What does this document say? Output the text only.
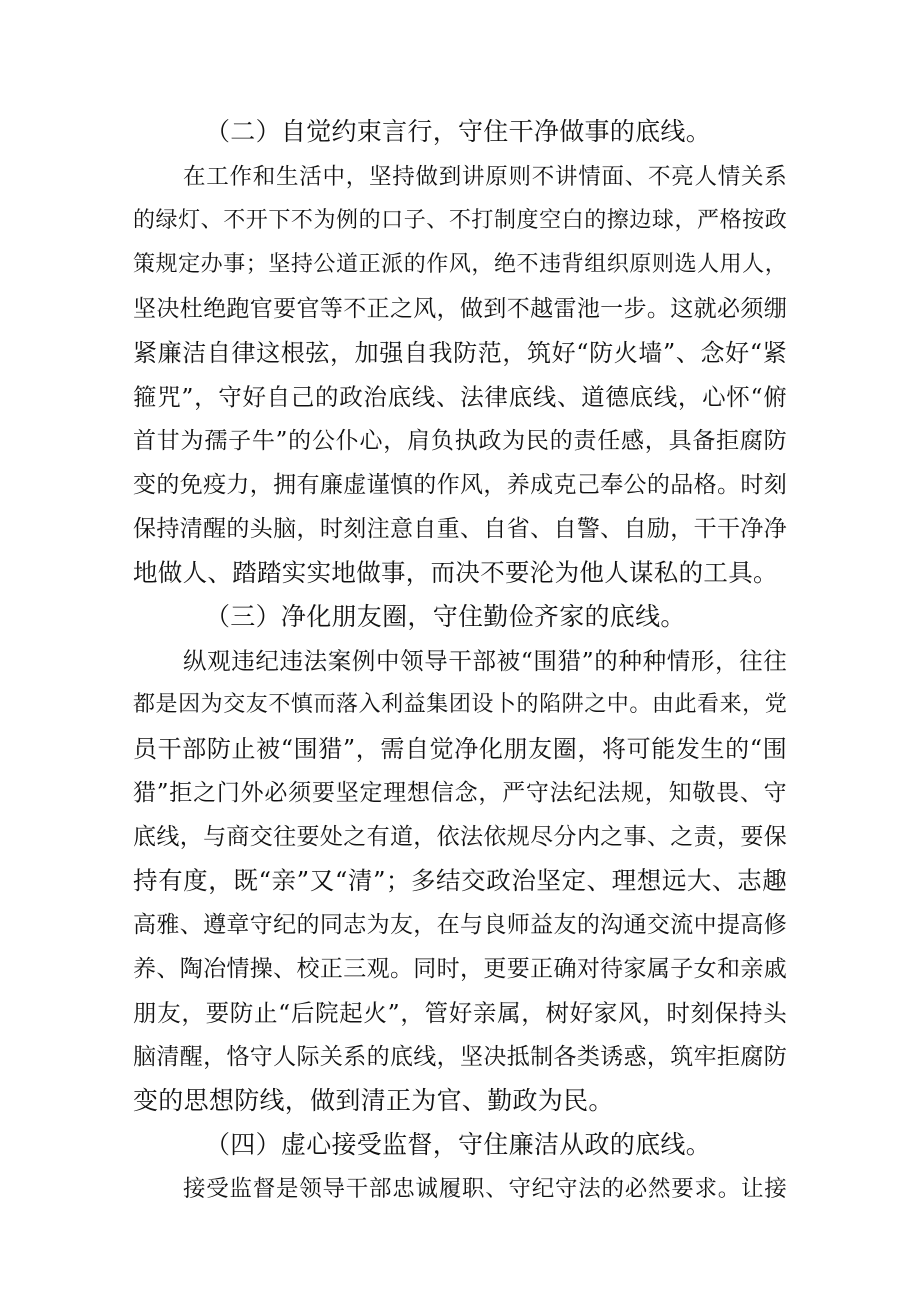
（二）自觉约束言行，守住干净做事的底线。
在工作和生活中，坚持做到讲原则不讲情面、不亮人情关系
的绿灯、不开下不为例的口子、不打制度空白的擦边球，严格按政
策规定办事；坚持公道正派的作风，绝不违背组织原则选人用人，
坚决杜绝跑官要官等不正之风，做到不越雷池一步。这就必须绷
紧廉洁自律这根弦，加强自我防范，筑好“防火墙”、念好“紧
箍咒”，守好自己的政治底线、法律底线、道德底线，心怀“俯
首甘为孺子牛”的公仆心，肩负执政为民的责任感，具备拒腐防
变的免疫力，拥有廉虚谨慎的作风，养成克己奉公的品格。时刻
保持清醒的头脑，时刻注意自重、自省、自警、自励，干干净净
地做人、踏踏实实地做事，而决不要沦为他人谋私的工具。
（三）净化朋友圈，守住勤俭齐家的底线。
纵观违纪违法案例中领导干部被“围猎”的种种情形，往往
都是因为交友不慎而落入利益集团设卜的陷阱之中。由此看来，党
员干部防止被“围猎”，需自觉净化朋友圈，将可能发生的“围
猎”拒之门外必须要坚定理想信念，严守法纪法规，知敬畏、守
底线，与商交往要处之有道，依法依规尽分内之事、之责，要保
持有度，既“亲”又“清”；多结交政治坚定、理想远大、志趣
高雅、遵章守纪的同志为友，在与良师益友的沟通交流中提高修
养、陶冶情操、校正三观。同时，更要正确对待家属子女和亲戚
朋友，要防止“后院起火”，管好亲属，树好家风，时刻保持头
脑清醒，恪守人际关系的底线，坚决抵制各类诱惑，筑牢拒腐防
变的思想防线，做到清正为官、勤政为民。
（四）虚心接受监督，守住廉洁从政的底线。
接受监督是领导干部忠诚履职、守纪守法的必然要求。让接
